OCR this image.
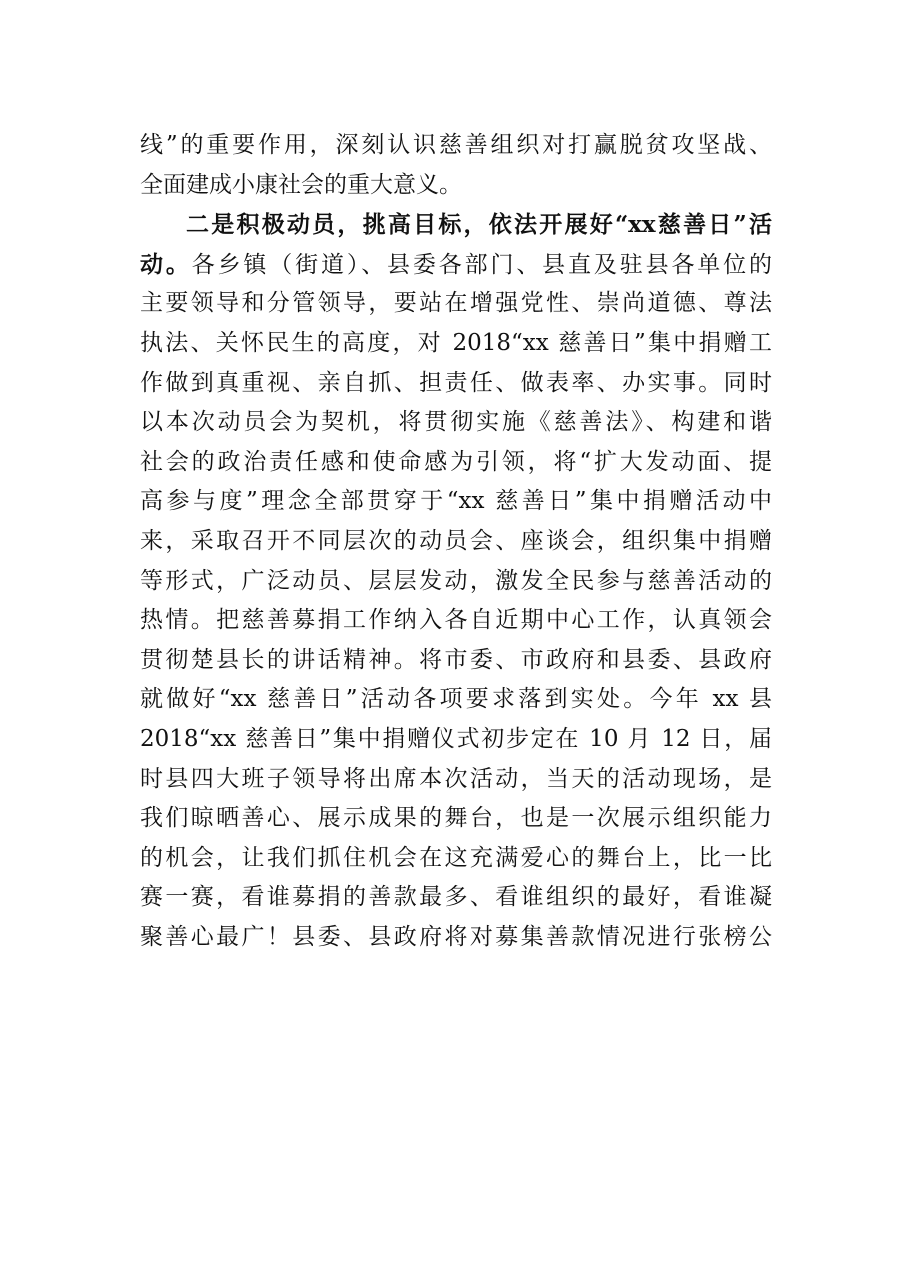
线”的重要作用，深刻认识慈善组织对打赢脱贫攻坚战、
全面建成小康社会的重大意义。
二是积极动员，挑高目标，依法开展好“xx慈善日”活
动。各乡镇（街道）、县委各部门、县直及驻县各单位的
主要领导和分管领导，要站在增强党性、崇尚道德、尊法
执法、关怀民生的高度，对 2018“xx 慈善日”集中捐赠工
作做到真重视、亲自抓、担责任、做表率、办实事。同时
以本次动员会为契机，将贯彻实施《慈善法》、构建和谐
社会的政治责任感和使命感为引领，将“扩大发动面、提
高参与度”理念全部贯穿于“xx 慈善日”集中捐赠活动中
来，采取召开不同层次的动员会、座谈会，组织集中捐赠
等形式，广泛动员、层层发动，激发全民参与慈善活动的
热情。把慈善募捐工作纳入各自近期中心工作，认真领会
贯彻楚县长的讲话精神。将市委、市政府和县委、县政府
就做好“xx 慈善日”活动各项要求落到实处。今年 xx 县
2018“xx 慈善日”集中捐赠仪式初步定在 10 月 12 日，届
时县四大班子领导将出席本次活动，当天的活动现场，是
我们晾晒善心、展示成果的舞台，也是一次展示组织能力
的机会，让我们抓住机会在这充满爱心的舞台上，比一比
赛一赛，看谁募捐的善款最多、看谁组织的最好，看谁凝
聚善心最广！县委、县政府将对募集善款情况进行张榜公
